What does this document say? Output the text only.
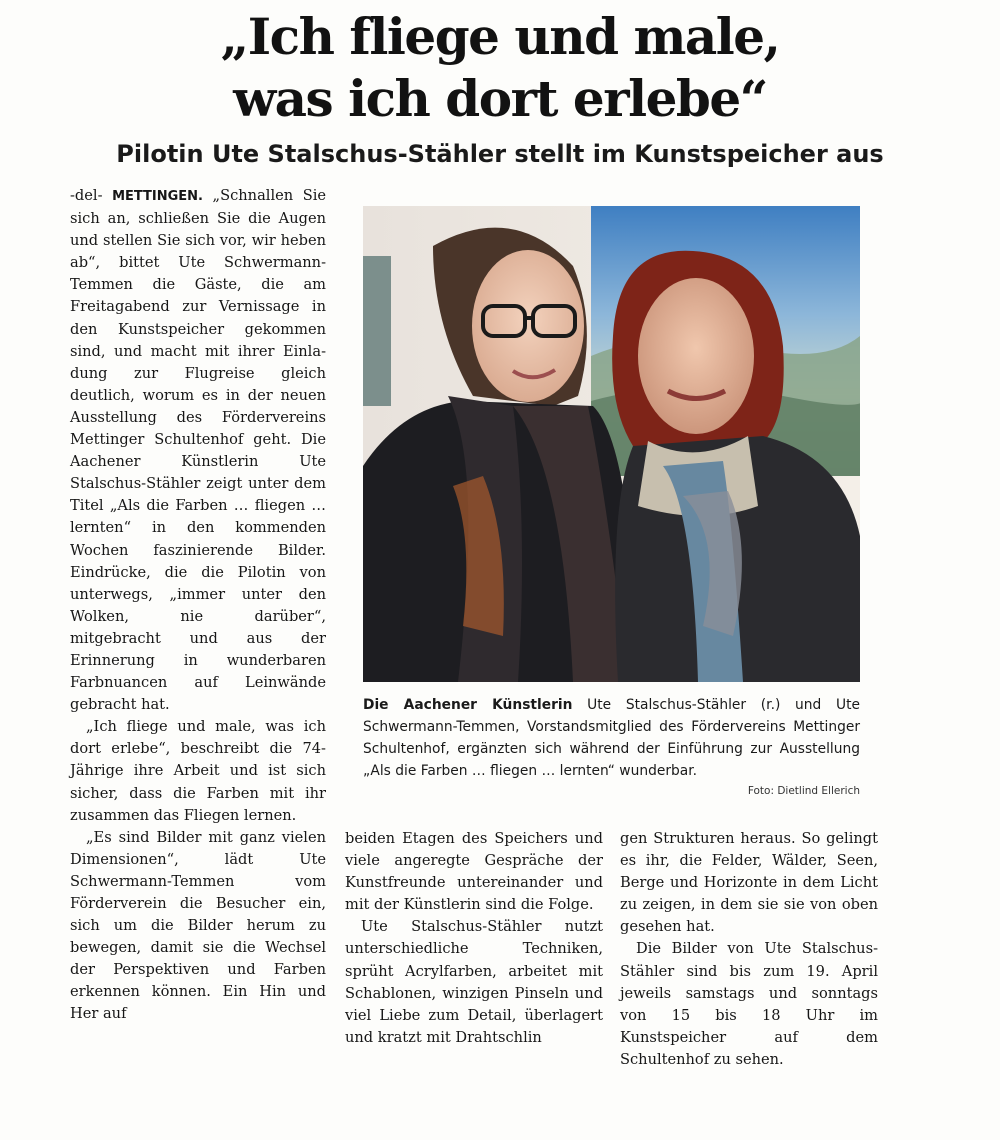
„Ich fliege und male,
was ich dort erlebe“
Pilotin Ute Stalschus-Stähler stellt im Kunstspeicher aus

-del- METTINGEN. „Schnallen Sie sich an, schließen Sie die Augen und stellen Sie sich vor, wir heben ab“, bittet Ute Schwermann-Temmen die Gäste, die am Freitagabend zur Vernissage in den Kunstspeicher gekommen sind, und macht mit ihrer Einladung zur Flugreise gleich deutlich, worum es in der neuen Ausstellung des Fördervereins Mettinger Schultenhof geht. Die Aachener Künstlerin Ute Stalschus-Stähler zeigt unter dem Titel „Als die Farben … fliegen … lernten“ in den kommenden Wochen faszinierende Bilder. Eindrücke, die die Pilotin von unterwegs, „immer unter den Wolken, nie darüber“, mitgebracht und aus der Erinnerung in wunderbaren Farbnuancen auf Leinwände gebracht hat.

„Ich fliege und male, was ich dort erlebe“, beschreibt die 74-Jährige ihre Arbeit und ist sich sicher, dass die Farben mit ihr zusammen das Fliegen lernen.

„Es sind Bilder mit ganz vielen Dimensionen“, lädt Ute Schwermann-Temmen vom Förderverein die Besucher ein, sich um die Bilder herum zu bewegen, damit sie die Wechsel der Perspektiven und Farben erkennen können. Ein Hin und Her auf

Die Aachener Künstlerin Ute Stalschus-Stähler (r.) und Ute Schwermann-Temmen, Vorstandsmitglied des Fördervereins Mettinger Schultenhof, ergänzten sich während der Einführung zur Ausstellung „Als die Farben … fliegen … lernten“ wunderbar.
Foto: Dietlind Ellerich

beiden Etagen des Speichers und viele angeregte Gespräche der Kunstfreunde untereinander und mit der Künstlerin sind die Folge.

Ute Stalschus-Stähler nutzt unterschiedliche Techniken, sprüht Acrylfarben, arbeitet mit Schablonen, winzigen Pinseln und viel Liebe zum Detail, überlagert und kratzt mit Drahtschlin

gen Strukturen heraus. So gelingt es ihr, die Felder, Wälder, Seen, Berge und Horizonte in dem Licht zu zeigen, in dem sie sie von oben gesehen hat.

Die Bilder von Ute Stalschus-Stähler sind bis zum 19. April jeweils samstags und sonntags von 15 bis 18 Uhr im Kunstspeicher auf dem Schultenhof zu sehen.
